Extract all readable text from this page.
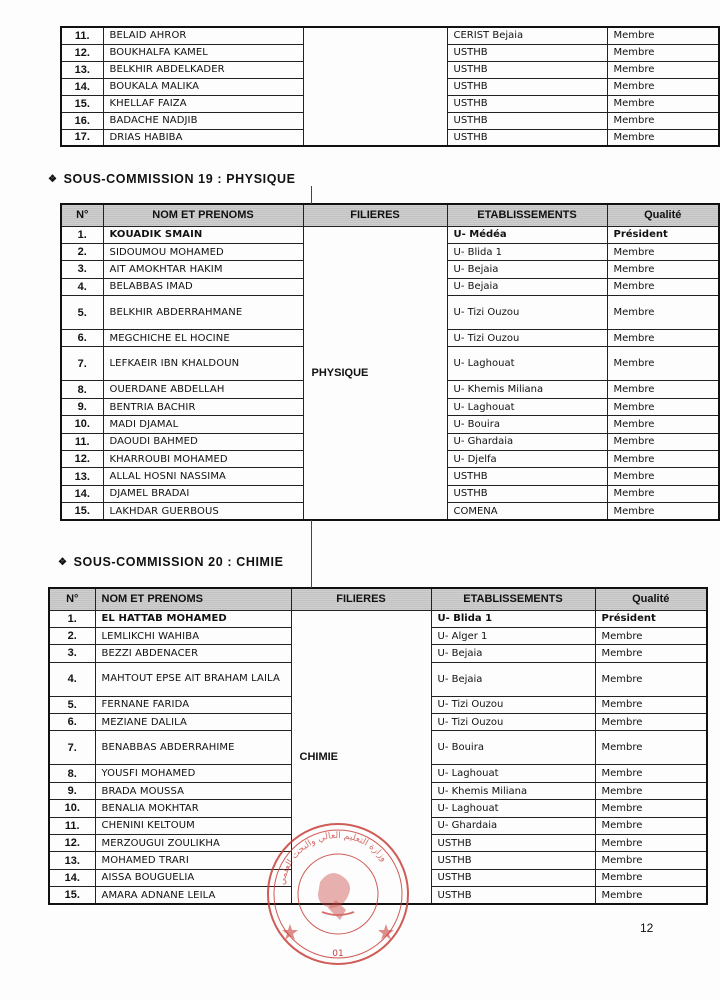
11.	BELAID AHROR		CERIST Bejaia	Membre
12.	BOUKHALFA KAMEL		USTHB	Membre
13.	BELKHIR ABDELKADER		USTHB	Membre
14.	BOUKALA MALIKA		USTHB	Membre
15.	KHELLAF FAIZA		USTHB	Membre
16.	BADACHE NADJIB		USTHB	Membre
17.	DRIAS HABIBA		USTHB	Membre
❖ SOUS-COMMISSION 19 : PHYSIQUE
N°	NOM ET PRENOMS	FILIERES	ETABLISSEMENTS	Qualité
1.	KOUADIK SMAIN	PHYSIQUE	U- Médéa	Président
2.	SIDOUMOU MOHAMED		U- Blida 1	Membre
3.	AIT AMOKHTAR HAKIM		U- Bejaia	Membre
4.	BELABBAS IMAD		U- Bejaia	Membre
5.	BELKHIR ABDERRAHMANE		U- Tizi Ouzou	Membre
6.	MEGCHICHE EL HOCINE		U- Tizi Ouzou	Membre
7.	LEFKAEIR IBN KHALDOUN		U- Laghouat	Membre
8.	OUERDANE ABDELLAH		U- Khemis Miliana	Membre
9.	BENTRIA BACHIR		U- Laghouat	Membre
10.	MADI DJAMAL		U- Bouira	Membre
11.	DAOUDI BAHMED		U- Ghardaia	Membre
12.	KHARROUBI MOHAMED		U- Djelfa	Membre
13.	ALLAL HOSNI NASSIMA		USTHB	Membre
14.	DJAMEL BRADAI		USTHB	Membre
15.	LAKHDAR GUERBOUS		COMENA	Membre
❖ SOUS-COMMISSION 20 : CHIMIE
N°	NOM ET PRENOMS	FILIERES	ETABLISSEMENTS	Qualité
1.	EL HATTAB MOHAMED	CHIMIE	U- Blida 1	Président
2.	LEMLIKCHI WAHIBA		U- Alger 1	Membre
3.	BEZZI ABDENACER		U- Bejaia	Membre
4.	MAHTOUT EPSE AIT BRAHAM LAILA		U- Bejaia	Membre
5.	FERNANE FARIDA		U- Tizi Ouzou	Membre
6.	MEZIANE DALILA		U- Tizi Ouzou	Membre
7.	BENABBAS ABDERRAHIME		U- Bouira	Membre
8.	YOUSFI MOHAMED		U- Laghouat	Membre
9.	BRADA MOUSSA		U- Khemis Miliana	Membre
10.	BENALIA MOKHTAR		U- Laghouat	Membre
11.	CHENINI KELTOUM		U- Ghardaia	Membre
12.	MERZOUGUI ZOULIKHA		USTHB	Membre
13.	MOHAMED TRARI		USTHB	Membre
14.	AISSA BOUGUELIA		USTHB	Membre
15.	AMARA ADNANE LEILA		USTHB	Membre
وزارة التعليم العالي والبحث العلمي
01
12
